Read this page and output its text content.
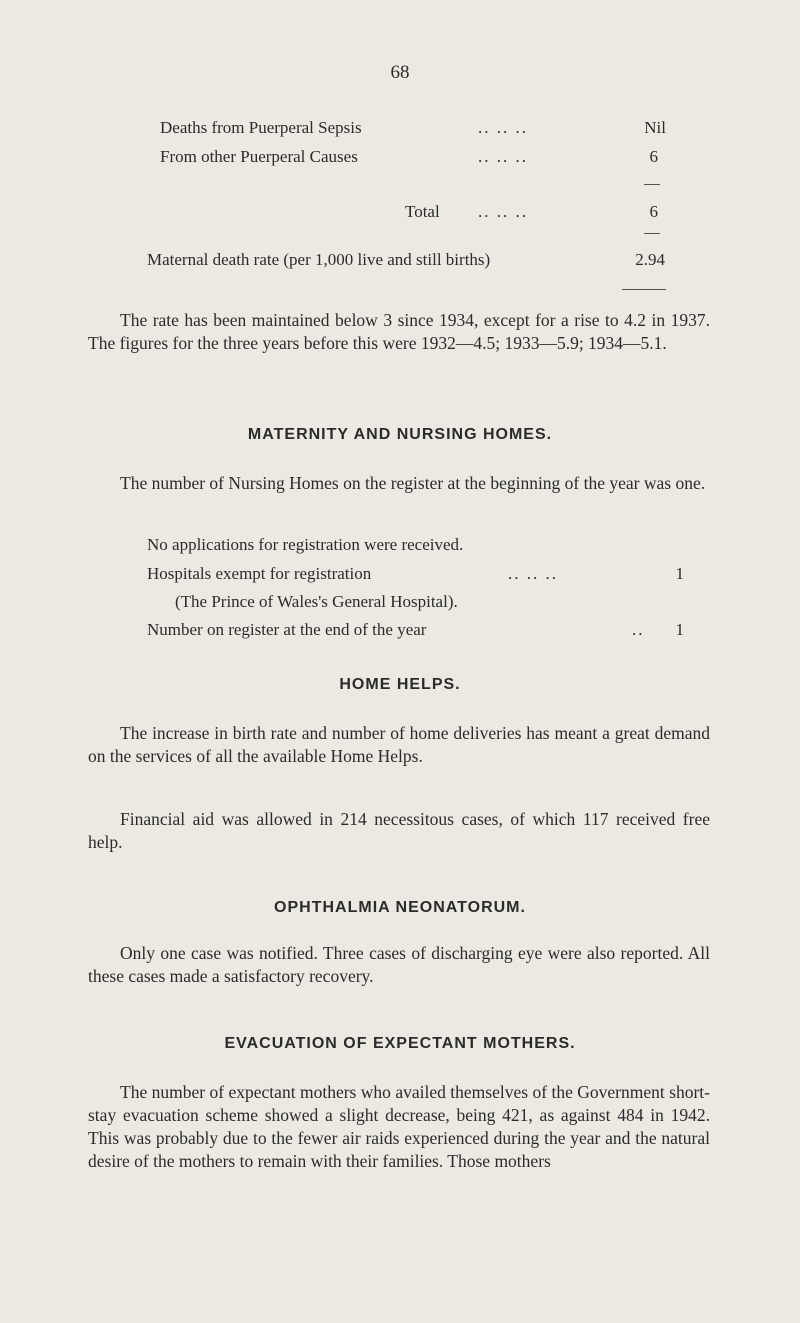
68
Deaths from Puerperal Sepsis	.. .. ..	Nil
From other Puerperal Causes	.. .. ..	6
Total .. .. ..	6
Maternal death rate (per 1,000 live and still births)	2.94
The rate has been maintained below 3 since 1934, except for a rise to 4.2 in 1937. The figures for the three years before this were 1932—4.5; 1933—5.9; 1934—5.1.
MATERNITY AND NURSING HOMES.
The number of Nursing Homes on the register at the beginning of the year was one.
No applications for registration were received.
Hospitals exempt for registration	.. .. ..	1
(The Prince of Wales's General Hospital).
Number on register at the end of the year	..	1
HOME HELPS.
The increase in birth rate and number of home deliveries has meant a great demand on the services of all the available Home Helps.
Financial aid was allowed in 214 necessitous cases, of which 117 received free help.
OPHTHALMIA NEONATORUM.
Only one case was notified. Three cases of discharging eye were also reported. All these cases made a satisfactory recovery.
EVACUATION OF EXPECTANT MOTHERS.
The number of expectant mothers who availed themselves of the Government short-stay evacuation scheme showed a slight decrease, being 421, as against 484 in 1942. This was probably due to the fewer air raids experienced during the year and the natural desire of the mothers to remain with their families. Those mothers
